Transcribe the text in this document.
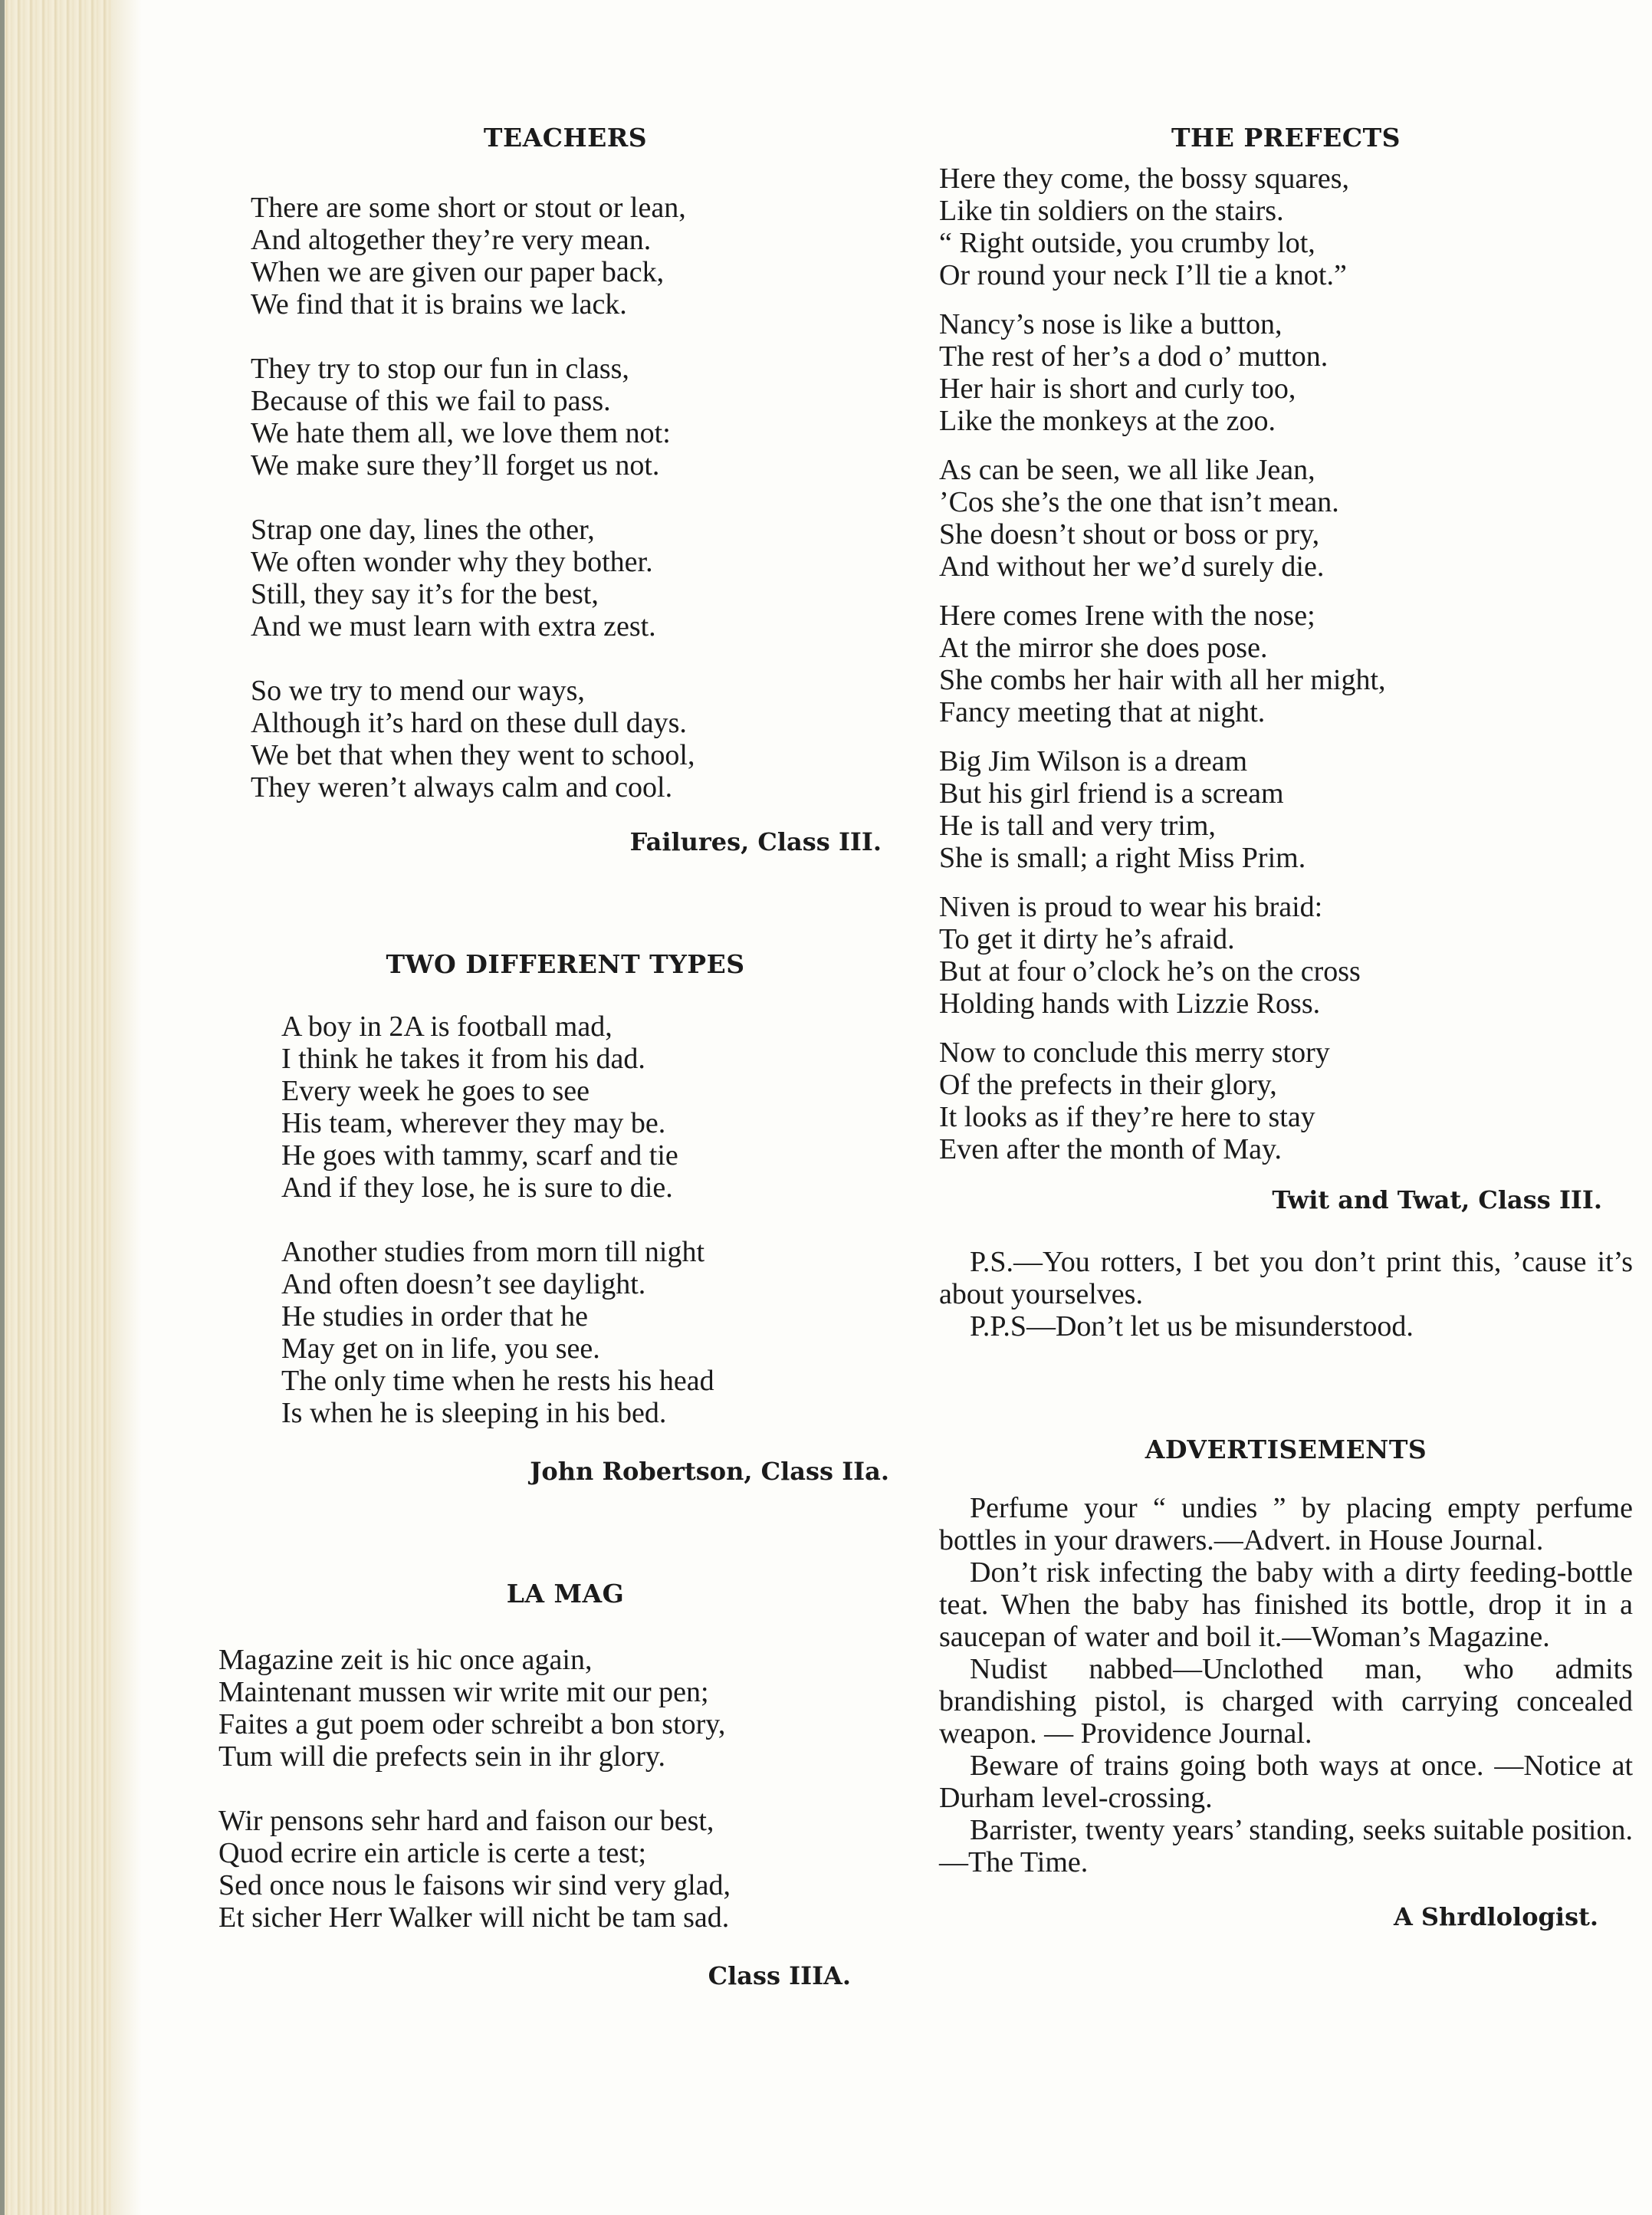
TEACHERS
There are some short or stout or lean,
And altogether they’re very mean.
When we are given our paper back,
We find that it is brains we lack.
They try to stop our fun in class,
Because of this we fail to pass.
We hate them all, we love them not:
We make sure they’ll forget us not.
Strap one day, lines the other,
We often wonder why they bother.
Still, they say it’s for the best,
And we must learn with extra zest.
So we try to mend our ways,
Although it’s hard on these dull days.
We bet that when they went to school,
They weren’t always calm and cool.

Failures, Class III.

TWO DIFFERENT TYPES
A boy in 2A is football mad,
I think he takes it from his dad.
Every week he goes to see
His team, wherever they may be.
He goes with tammy, scarf and tie
And if they lose, he is sure to die.
Another studies from morn till night
And often doesn’t see daylight.
He studies in order that he
May get on in life, you see.
The only time when he rests his head
Is when he is sleeping in his bed.

John Robertson, Class IIa.

LA MAG
Magazine zeit is hic once again,
Maintenant mussen wir write mit our pen;
Faites a gut poem oder schreibt a bon story,
Tum will die prefects sein in ihr glory.
Wir pensons sehr hard and faison our best,
Quod ecrire ein article is certe a test;
Sed once nous le faisons wir sind very glad,
Et sicher Herr Walker will nicht be tam sad.

Class IIIA.

THE PREFECTS
Here they come, the bossy squares,
Like tin soldiers on the stairs.
“ Right outside, you crumby lot,
Or round your neck I’ll tie a knot.”
Nancy’s nose is like a button,
The rest of her’s a dod o’ mutton.
Her hair is short and curly too,
Like the monkeys at the zoo.
As can be seen, we all like Jean,
’Cos she’s the one that isn’t mean.
She doesn’t shout or boss or pry,
And without her we’d surely die.
Here comes Irene with the nose;
At the mirror she does pose.
She combs her hair with all her might,
Fancy meeting that at night.
Big Jim Wilson is a dream
But his girl friend is a scream
He is tall and very trim,
She is small; a right Miss Prim.
Niven is proud to wear his braid:
To get it dirty he’s afraid.
But at four o’clock he’s on the cross
Holding hands with Lizzie Ross.
Now to conclude this merry story
Of the prefects in their glory,
It looks as if they’re here to stay
Even after the month of May.

Twit and Twat, Class III.

P.S.—You rotters, I bet you don’t print this, ’cause it’s about yourselves.

P.P.S—Don’t let us be misunderstood.

ADVERTISEMENTS

Perfume your “ undies ” by placing empty perfume bottles in your drawers.—Advert. in House Journal.

Don’t risk infecting the baby with a dirty feeding-bottle teat. When the baby has finished its bottle, drop it in a saucepan of water and boil it.—Woman’s Magazine.

Nudist nabbed—Unclothed man, who admits brandishing pistol, is charged with carrying concealed weapon. — Providence Journal.

Beware of trains going both ways at once. —Notice at Durham level-crossing.

Barrister, twenty years’ standing, seeks suitable position.—The Time.

A Shrdlologist.
